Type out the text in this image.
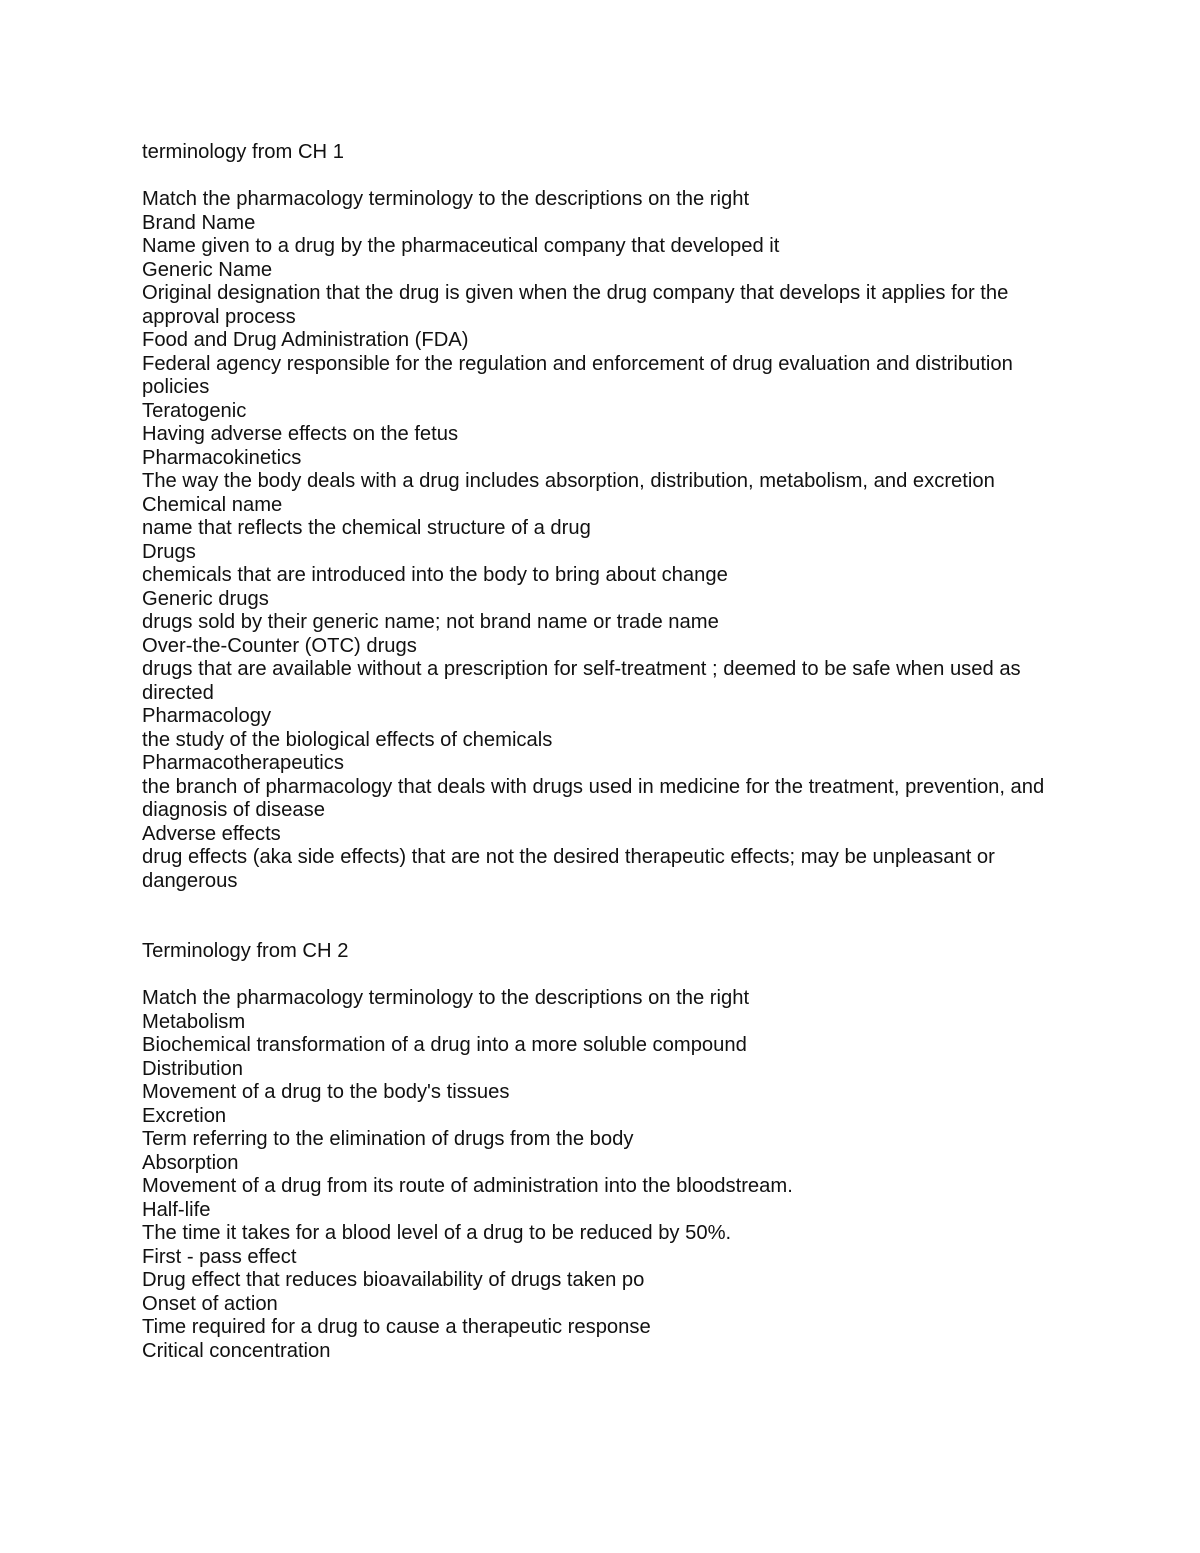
terminology from CH 1

Match the pharmacology terminology to the descriptions on the right
Brand Name
Name given to a drug by the pharmaceutical company that developed it
Generic Name
Original designation that the drug is given when the drug company that develops it applies for the approval process
Food and Drug Administration (FDA)
Federal agency responsible for the regulation and enforcement of drug evaluation and distribution policies
Teratogenic
Having adverse effects on the fetus
Pharmacokinetics
The way the body deals with a drug includes absorption, distribution, metabolism, and excretion
Chemical name
name that reflects the chemical structure of a drug
Drugs
chemicals that are introduced into the body to bring about change
Generic drugs
drugs sold by their generic name; not brand name or trade name
Over-the-Counter (OTC) drugs
drugs that are available without a prescription for self-treatment ; deemed to be safe when used as directed
Pharmacology
the study of the biological effects of chemicals
Pharmacotherapeutics
the branch of pharmacology that deals with drugs used in medicine for the treatment, prevention, and diagnosis of disease
Adverse effects
drug effects (aka side effects) that are not the desired therapeutic effects; may be unpleasant or dangerous

Terminology from CH 2

Match the pharmacology terminology to the descriptions on the right
Metabolism
Biochemical transformation of a drug into a more soluble compound
Distribution
Movement of a drug to the body's tissues
Excretion
Term referring to the elimination of drugs from the body
Absorption
Movement of a drug from its route of administration into the bloodstream.
Half-life
The time it takes for a blood level of a drug to be reduced by 50%.
First - pass effect
Drug effect that reduces bioavailability of drugs taken po
Onset of action
Time required for a drug to cause a therapeutic response
Critical concentration
